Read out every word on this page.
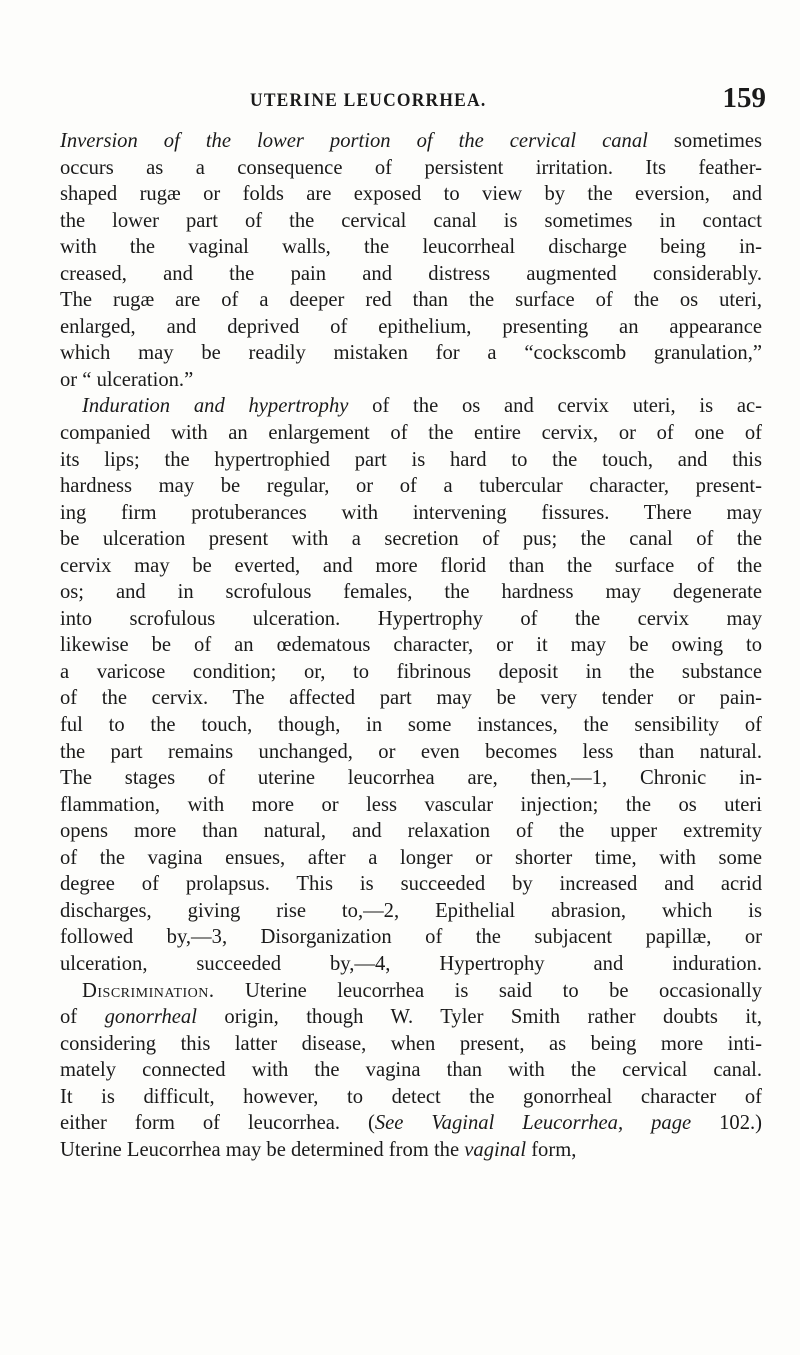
UTERINE LEUCORRHEA.	159
Inversion of the lower portion of the cervical canal sometimes
occurs as a consequence of persistent irritation. Its feather-
shaped rugæ or folds are exposed to view by the eversion, and
the lower part of the cervical canal is sometimes in contact
with the vaginal walls, the leucorrheal discharge being in-
creased, and the pain and distress augmented considerably.
The rugæ are of a deeper red than the surface of the os uteri,
enlarged, and deprived of epithelium, presenting an appearance
which may be readily mistaken for a “cockscomb granulation,”
or “ ulceration.”
Induration and hypertrophy of the os and cervix uteri, is ac-
companied with an enlargement of the entire cervix, or of one of
its lips; the hypertrophied part is hard to the touch, and this
hardness may be regular, or of a tubercular character, present-
ing firm protuberances with intervening fissures. There may
be ulceration present with a secretion of pus; the canal of the
cervix may be everted, and more florid than the surface of the
os; and in scrofulous females, the hardness may degenerate
into scrofulous ulceration. Hypertrophy of the cervix may
likewise be of an œdematous character, or it may be owing to
a varicose condition; or, to fibrinous deposit in the substance
of the cervix. The affected part may be very tender or pain-
ful to the touch, though, in some instances, the sensibility of
the part remains unchanged, or even becomes less than natural.
The stages of uterine leucorrhea are, then,—1, Chronic in-
flammation, with more or less vascular injection; the os uteri
opens more than natural, and relaxation of the upper extremity
of the vagina ensues, after a longer or shorter time, with some
degree of prolapsus. This is succeeded by increased and acrid
discharges, giving rise to,—2, Epithelial abrasion, which is
followed by,—3, Disorganization of the subjacent papillæ, or
ulceration, succeeded by,—4, Hypertrophy and induration.
Discrimination. Uterine leucorrhea is said to be occasionally
of gonorrheal origin, though W. Tyler Smith rather doubts it,
considering this latter disease, when present, as being more inti-
mately connected with the vagina than with the cervical canal.
It is difficult, however, to detect the gonorrheal character of
either form of leucorrhea. (See Vaginal Leucorrhea, page 102.)
Uterine Leucorrhea may be determined from the vaginal form,
